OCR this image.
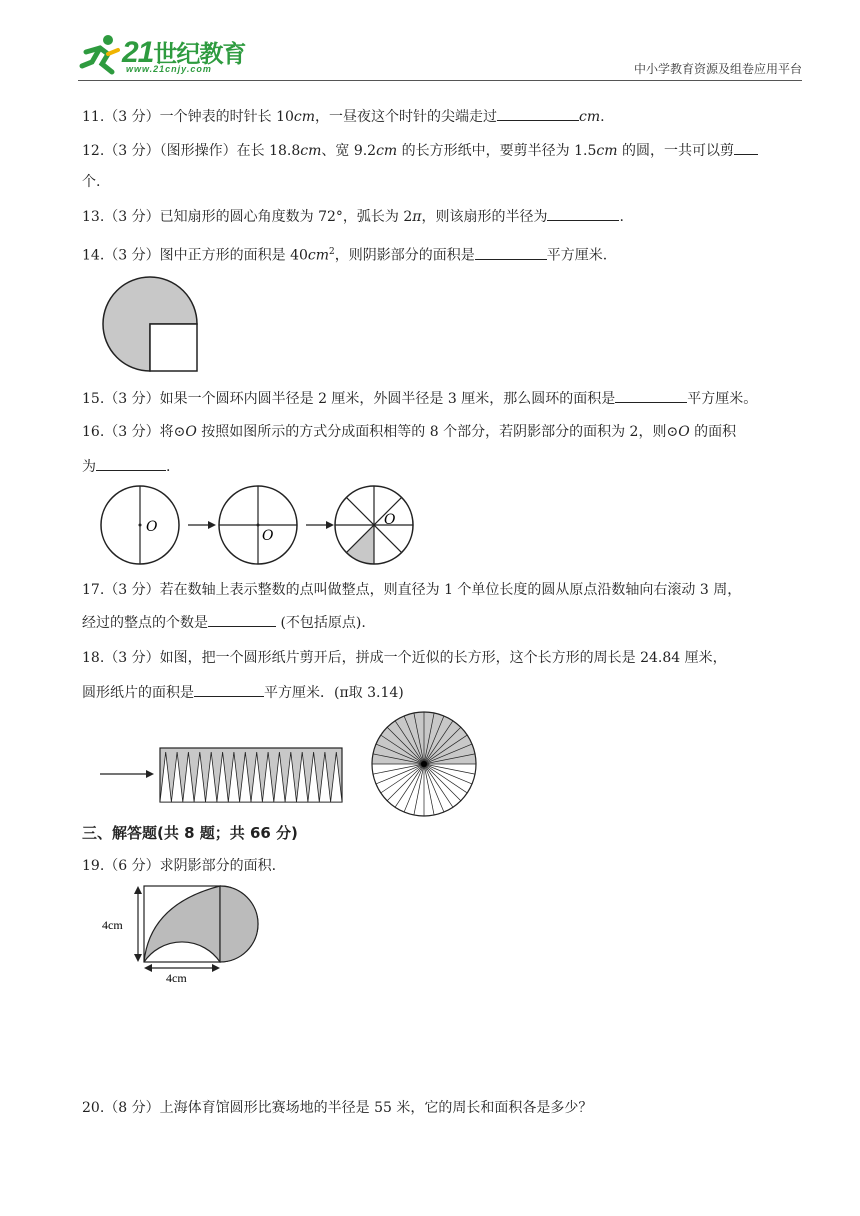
21世纪教育
www.21cnjy.com	中小学教育资源及组卷应用平台
11.（3 分）一个钟表的时针长 10cm，一昼夜这个时针的尖端走过	cm.
12.（3 分）（图形操作）在长 18.8cm、宽 9.2cm 的长方形纸中，要剪半径为 1.5cm 的圆，一共可以剪
个.
13.（3 分）已知扇形的圆心角度数为 72°，弧长为 2π，则该扇形的半径为	.
14.（3 分）图中正方形的面积是 $40cm^2$，则阴影部分的面积是	平方厘米.
15.（3 分）如果一个圆环内圆半径是 2 厘米，外圆半径是 3 厘米，那么圆环的面积是	平方厘米。
16.（3 分）将⊙O 按照如图所示的方式分成面积相等的 8 个部分，若阴影部分的面积为 2，则⊙O 的面积
为	.
O
O
O
17.（3 分）若在数轴上表示整数的点叫做整点，则直径为 1 个单位长度的圆从原点沿数轴向右滚动 3 周，
经过的整点的个数是	(不包括原点).
18.（3 分）如图，把一个圆形纸片剪开后，拼成一个近似的长方形，这个长方形的周长是 24.84 厘米，
圆形纸片的面积是	平方厘米．(π取 3.14)
三、解答题(共 8 题；共 66 分)
19.（6 分）求阴影部分的面积.
4cm
4cm
20.（8 分）上海体育馆圆形比赛场地的半径是 55 米，它的周长和面积各是多少？
